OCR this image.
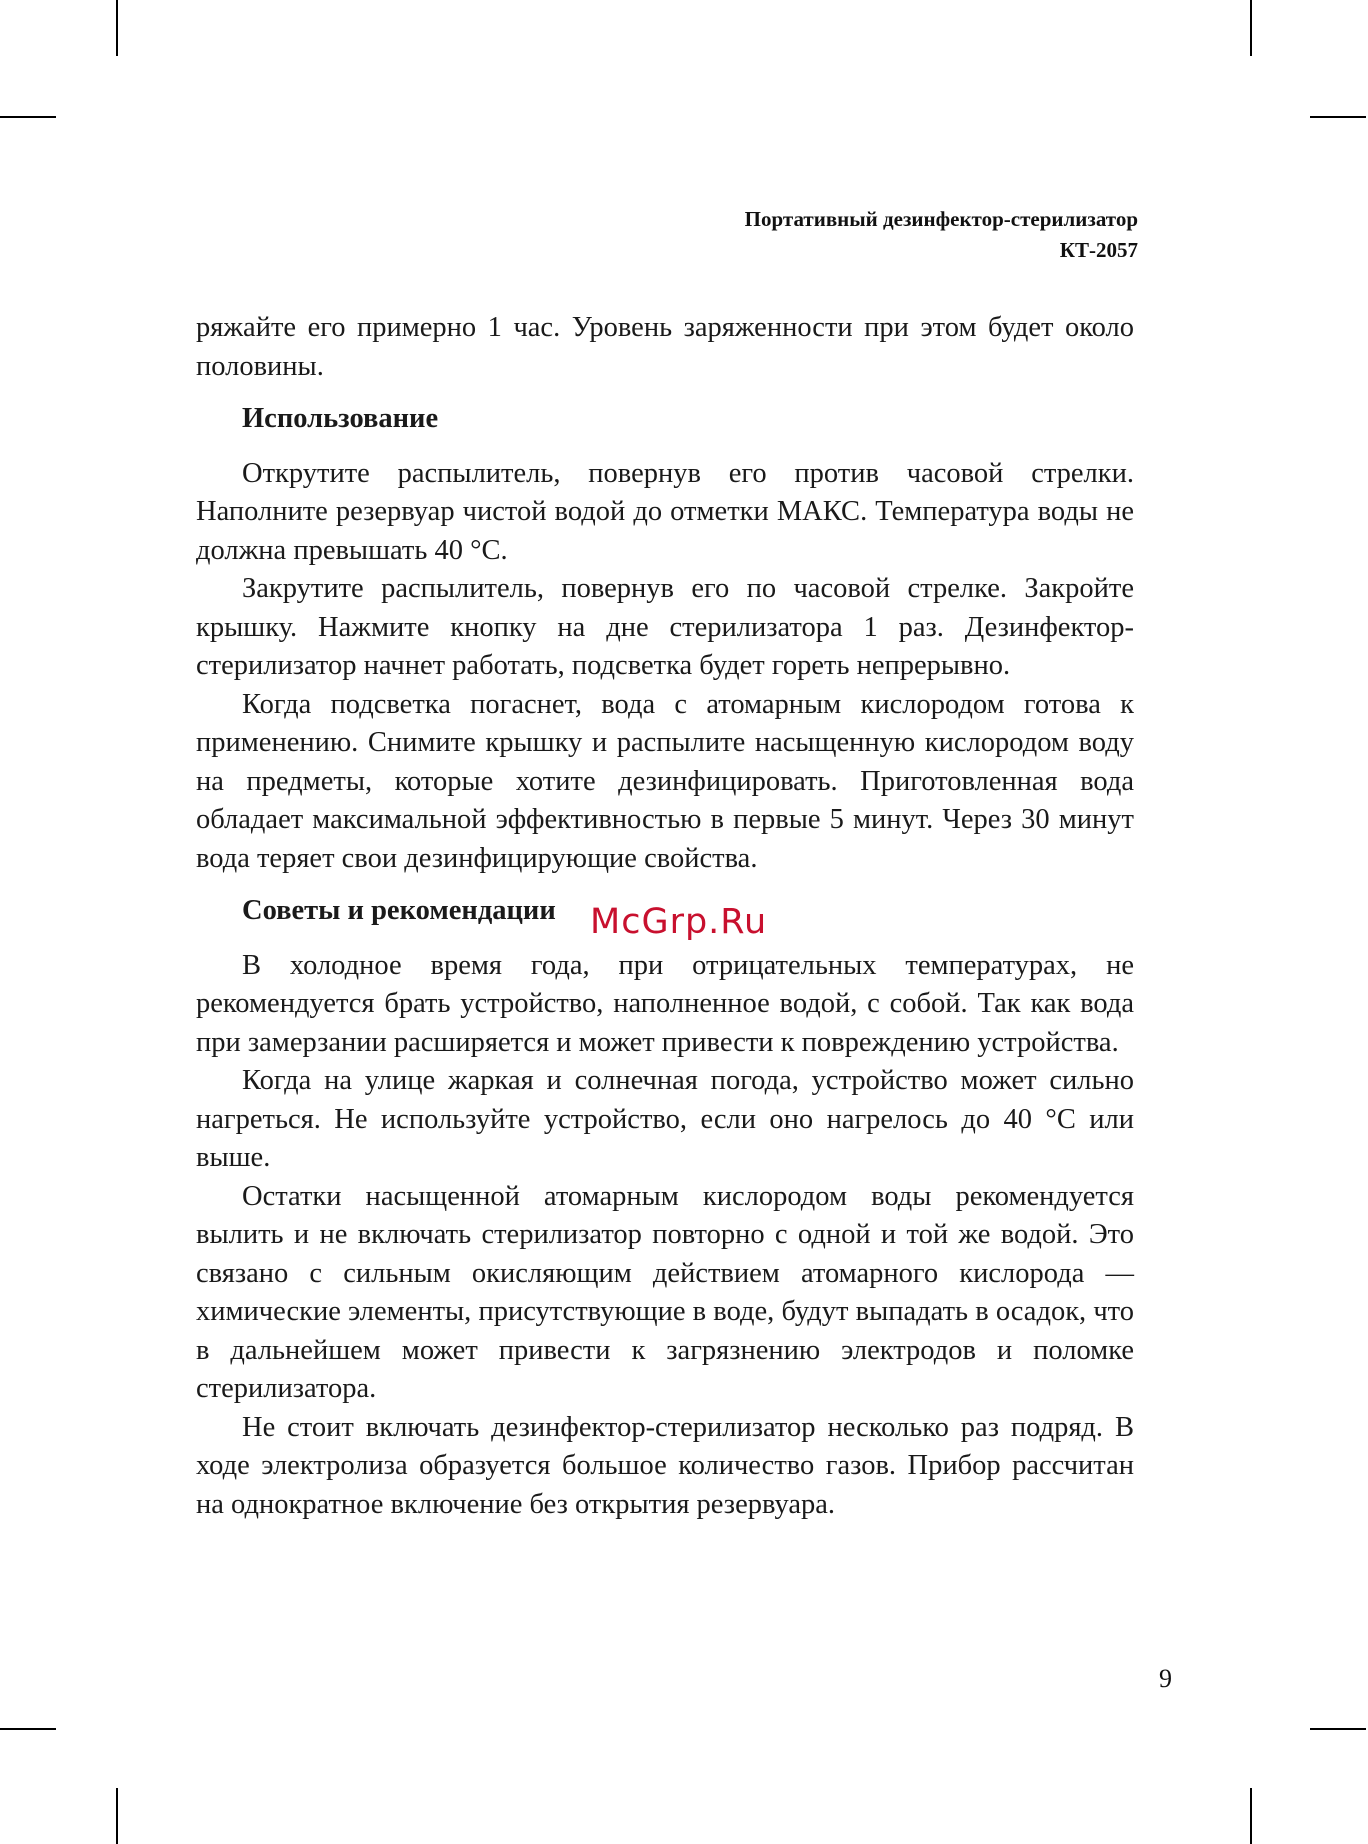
Портативный дезинфектор-стерилизатор
КТ-2057

ряжайте его примерно 1 час. Уровень заряженности при этом будет около половины.

Использование

Открутите распылитель, повернув его против часовой стрелки. Наполните резервуар чистой водой до отметки МАКС. Температура воды не должна превышать 40 °С.

Закрутите распылитель, повернув его по часовой стрелке. Закройте крышку. Нажмите кнопку на дне стерилизатора 1 раз. Дезинфектор-стерилизатор начнет работать, подсветка будет гореть непрерывно.

Когда подсветка погаснет, вода с атомарным кислородом готова к применению. Снимите крышку и распылите насыщенную кислородом воду на предметы, которые хотите дезинфицировать. Приготовленная вода обладает максимальной эффективностью в первые 5 минут. Через 30 минут вода теряет свои дезинфицирующие свойства.

Советы и рекомендации

В холодное время года, при отрицательных температурах, не рекомендуется брать устройство, наполненное водой, с собой. Так как вода при замерзании расширяется и может привести к повреждению устройства.

Когда на улице жаркая и солнечная погода, устройство может сильно нагреться. Не используйте устройство, если оно нагрелось до 40 °С или выше.

Остатки насыщенной атомарным кислородом воды рекомендуется вылить и не включать стерилизатор повторно с одной и той же водой. Это связано с сильным окисляющим действием атомарного кислорода — химические элементы, присутствующие в воде, будут выпадать в осадок, что в дальнейшем может привести к загрязнению электродов и поломке стерилизатора.

Не стоит включать дезинфектор-стерилизатор несколько раз подряд. В ходе электролиза образуется большое количество газов. Прибор рассчитан на однократное включение без открытия резервуара.

McGrp.Ru
9
